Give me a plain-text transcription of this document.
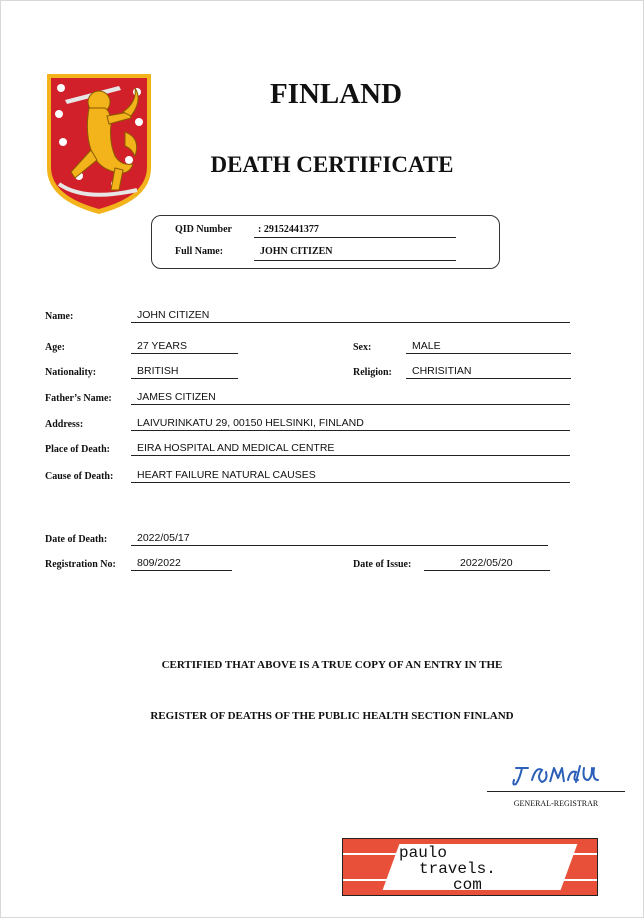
FINLAND
DEATH CERTIFICATE
QID Number	: 29152441377
Full Name:	JOHN CITIZEN
Name:	JOHN CITIZEN
Age:	27 YEARS	Sex:	MALE
Nationality:	BRITISH	Religion:	CHRISITIAN
Father’s Name:	JAMES CITIZEN
Address:	LAIVURINKATU 29, 00150 HELSINKI, FINLAND
Place of Death:	EIRA HOSPITAL AND MEDICAL CENTRE
Cause of Death:	HEART FAILURE NATURAL CAUSES
Date of Death:	2022/05/17
Registration No:	809/2022	Date of Issue:	2022/05/20
CERTIFIED THAT ABOVE IS A TRUE COPY OF AN ENTRY IN THE
REGISTER OF DEATHS OF THE PUBLIC HEALTH SECTION FINLAND
GENERAL-REGISTRAR
paulo
travels.
com
